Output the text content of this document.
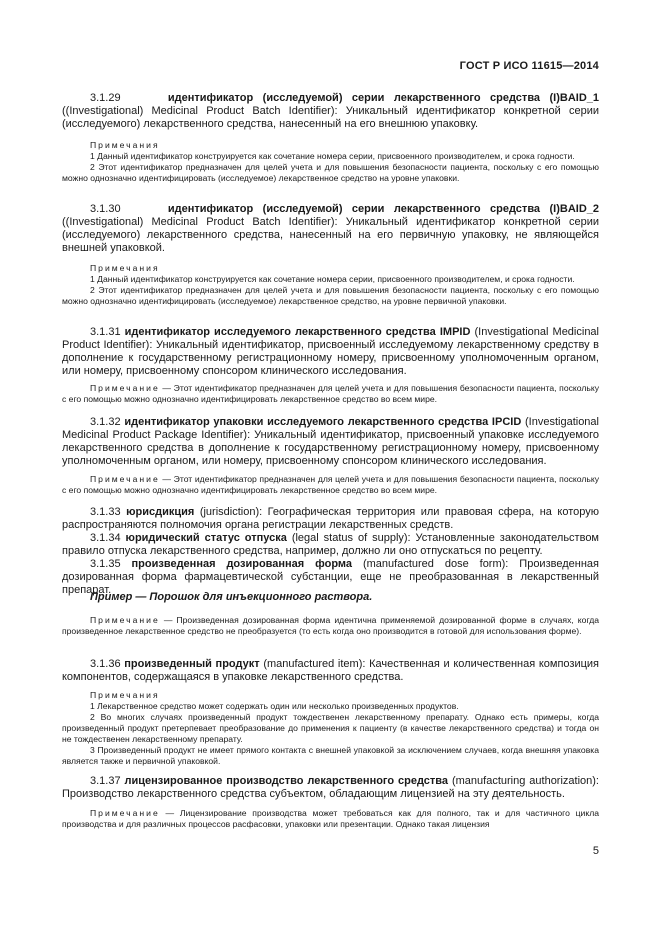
ГОСТ Р ИСО 11615—2014

3.1.29	идентификатор (исследуемой) серии лекарственного средства (I)BAID_1 ((Investigational) Medicinal Product Batch Identifier): Уникальный идентификатор конкретной серии (исследуемого) лекарственного средства, нанесенный на его внешнюю упаковку.

Примечания

1 Данный идентификатор конструируется как сочетание номера серии, присвоенного производителем, и срока годности.

2 Этот идентификатор предназначен для целей учета и для повышения безопасности пациента, поскольку с его помощью можно однозначно идентифицировать (исследуемое) лекарственное средство на уровне упаковки.

3.1.30	идентификатор (исследуемой) серии лекарственного средства (I)BAID_2 ((Investigational) Medicinal Product Batch Identifier): Уникальный идентификатор конкретной серии (исследуемого) лекарственного средства, нанесенный на его первичную упаковку, не являющейся внешней упаковкой.

Примечания

1 Данный идентификатор конструируется как сочетание номера серии, присвоенного производителем, и срока годности.

2 Этот идентификатор предназначен для целей учета и для повышения безопасности пациента, поскольку с его помощью можно однозначно идентифицировать (исследуемое) лекарственное средство, на уровне первичной упаковки.

3.1.31 идентификатор исследуемого лекарственного средства IMPID (Investigational Medicinal Product Identifier): Уникальный идентификатор, присвоенный исследуемому лекарственному средству в дополнение к государственному регистрационному номеру, присвоенному уполномоченным органом, или номеру, присвоенному спонсором клинического исследования.

Примечание — Этот идентификатор предназначен для целей учета и для повышения безопасности пациента, поскольку с его помощью можно однозначно идентифицировать лекарственное средство во всем мире.

3.1.32 идентификатор упаковки исследуемого лекарственного средства IPCID (Investigational Medicinal Product Package Identifier): Уникальный идентификатор, присвоенный упаковке исследуемого лекарственного средства в дополнение к государственному регистрационному номеру, присвоенному уполномоченным органом, или номеру, присвоенному спонсором клинического исследования.

Примечание — Этот идентификатор предназначен для целей учета и для повышения безопасности пациента, поскольку с его помощью можно однозначно идентифицировать лекарственное средство во всем мире.

3.1.33 юрисдикция (jurisdiction): Географическая территория или правовая сфера, на которую распространяются полномочия органа регистрации лекарственных средств.

3.1.34 юридический статус отпуска (legal status of supply): Установленные законодательством правило отпуска лекарственного средства, например, должно ли оно отпускаться по рецепту.

3.1.35 произведенная дозированная форма (manufactured dose form): Произведенная дозированная форма фармацевтической субстанции, еще не преобразованная в лекарственный препарат.

Пример — Порошок для инъекционного раствора.

Примечание — Произведенная дозированная форма идентична применяемой дозированной форме в случаях, когда произведенное лекарственное средство не преобразуется (то есть когда оно производится в готовой для использования форме).

3.1.36 произведенный продукт (manufactured item): Качественная и количественная композиция компонентов, содержащаяся в упаковке лекарственного средства.

Примечания

1 Лекарственное средство может содержать один или несколько произведенных продуктов.

2 Во многих случаях произведенный продукт тождественен лекарственному препарату. Однако есть примеры, когда произведенный продукт претерпевает преобразование до применения к пациенту (в качестве лекарственного средства) и тогда он не тождественен лекарственному препарату.

3 Произведенный продукт не имеет прямого контакта с внешней упаковкой за исключением случаев, когда внешняя упаковка является также и первичной упаковкой.

3.1.37 лицензированное производство лекарственного средства (manufacturing authorization): Производство лекарственного средства субъектом, обладающим лицензией на эту деятельность.

Примечание — Лицензирование производства может требоваться как для полного, так и для частичного цикла производства и для различных процессов расфасовки, упаковки или презентации. Однако такая лицензия

5
